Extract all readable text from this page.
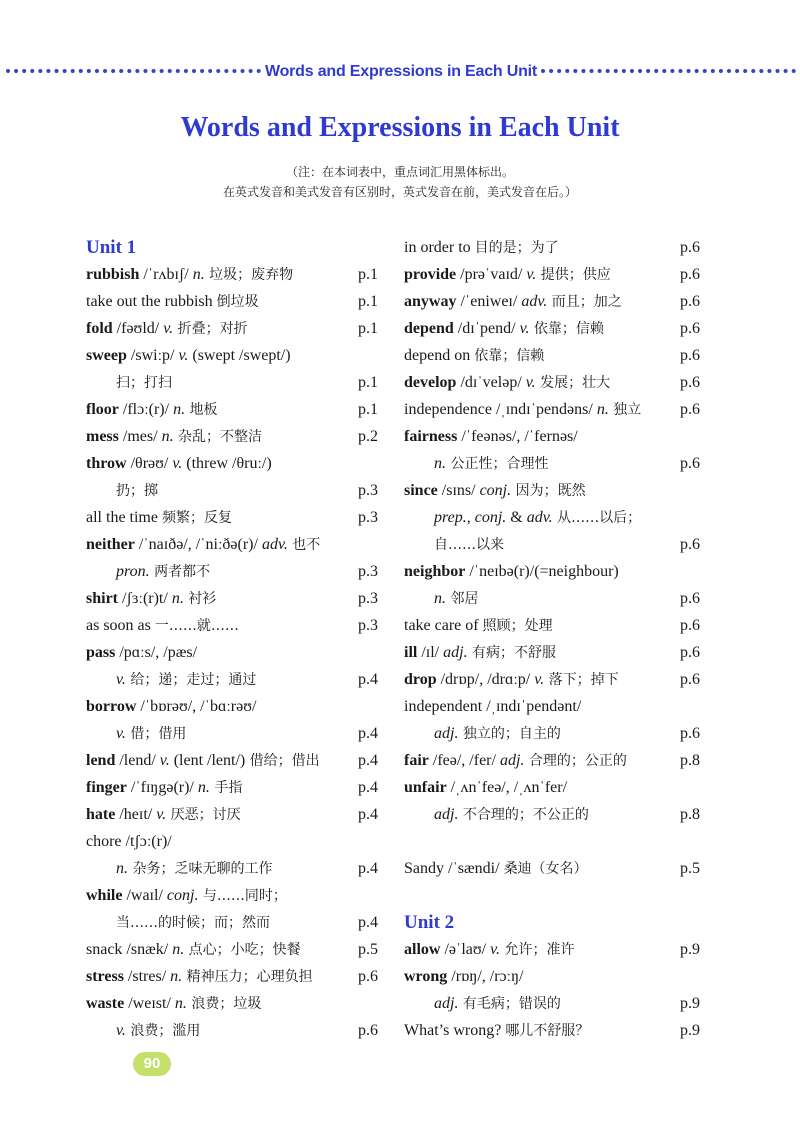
Words and Expressions in Each Unit
Words and Expressions in Each Unit
（注：在本词表中，重点词汇用黑体标出。
在英式发音和美式发音有区别时，英式发音在前，美式发音在后。）
Unit 1
rubbish /ˈrʌbɪʃ/ n. 垃圾；废弃物	p.1
take out the rubbish 倒垃圾	p.1
fold /fəʊld/ v. 折叠；对折	p.1
sweep /swiːp/ v. (swept /swept/)
扫；打扫	p.1
floor /flɔː(r)/ n. 地板	p.1
mess /mes/ n. 杂乱；不整洁	p.2
throw /θrəʊ/ v. (threw /θruː/)
扔；掷	p.3
all the time 频繁；反复	p.3
neither /ˈnaɪðə/, /ˈniːðə(r)/ adv. 也不
pron. 两者都不	p.3
shirt /ʃɜː(r)t/ n. 衬衫	p.3
as soon as 一……就……	p.3
pass /pɑːs/, /pæs/
v. 给；递；走过；通过	p.4
borrow /ˈbɒrəʊ/, /ˈbɑːrəʊ/
v. 借；借用	p.4
lend /lend/ v. (lent /lent/) 借给；借出 p.4
finger /ˈfɪŋgə(r)/ n. 手指	p.4
hate /heɪt/ v. 厌恶；讨厌	p.4
chore /tʃɔː(r)/
n. 杂务；乏味无聊的工作	p.4
while /waɪl/ conj. 与……同时；
当……的时候；而；然而	p.4
snack /snæk/ n. 点心；小吃；快餐	p.5
stress /stres/ n. 精神压力；心理负担	p.6
waste /weɪst/ n. 浪费；垃圾
v. 浪费；滥用	p.6
in order to 目的是；为了	p.6
provide /prəˈvaɪd/ v. 提供；供应	p.6
anyway /ˈeniweɪ/ adv. 而且；加之	p.6
depend /dɪˈpend/ v. 依靠；信赖	p.6
depend on 依靠；信赖	p.6
develop /dɪˈveləp/ v. 发展；壮大	p.6
independence /ˌɪndɪˈpendəns/ n. 独立 p.6
fairness /ˈfeənəs/, /ˈfernəs/
n. 公正性；合理性	p.6
since /sɪns/ conj. 因为；既然
prep., conj. & adv. 从……以后；
自……以来	p.6
neighbor /ˈneɪbə(r)/(=neighbour)
n. 邻居	p.6
take care of 照顾；处理	p.6
ill /ɪl/ adj. 有病；不舒服	p.6
drop /drɒp/, /drɑːp/ v. 落下；掉下	p.6
independent /ˌɪndɪˈpendənt/
adj. 独立的；自主的	p.6
fair /feə/, /fer/ adj. 合理的；公正的	p.8
unfair /ˌʌnˈfeə/, /ˌʌnˈfer/
adj. 不合理的；不公正的	p.8
Sandy /ˈsændi/ 桑迪（女名）	p.5
Unit 2
allow /əˈlaʊ/ v. 允许；准许	p.9
wrong /rɒŋ/, /rɔːŋ/
adj. 有毛病；错误的	p.9
What’s wrong? 哪儿不舒服？	p.9
90
